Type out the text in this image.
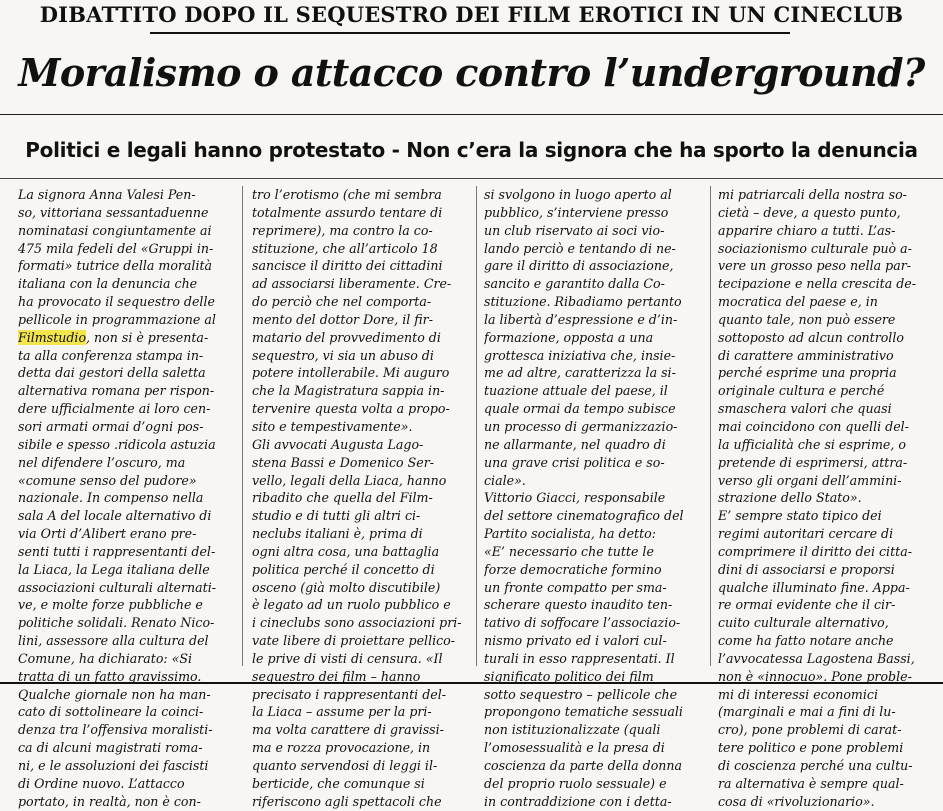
DIBATTITO DOPO IL SEQUESTRO DEI FILM EROTICI IN UN CINECLUB
Moralismo o attacco contro l’underground?
Politici e legali hanno protestato - Non c’era la signora che ha sporto la denuncia
La signora Anna Valesi Pen-
so, vittoriana sessantaduenne
nominatasi congiuntamente ai
475 mila fedeli del «Gruppi in-
formati» tutrice della moralità
italiana con la denuncia che
ha provocato il sequestro delle
pellicole in programmazione al
Filmstudio, non si è presenta-
ta alla conferenza stampa in-
detta dai gestori della saletta
alternativa romana per rispon-
dere ufficialmente ai loro cen-
sori armati ormai d’ogni pos-
sibile e spesso .ridicola astuzia
nel difendere l’oscuro, ma
«comune senso del pudore»
nazionale. In compenso nella
sala A del locale alternativo di
via Orti d’Alibert erano pre-
senti tutti i rappresentanti del-
la Liaca, la Lega italiana delle
associazioni culturali alternati-
ve, e molte forze pubbliche e
politiche solidali. Renato Nico-
lini, assessore alla cultura del
Comune, ha dichiarato: «Si
tratta di un fatto gravissimo.
Qualche giornale non ha man-
cato di sottolineare la coinci-
denza tra l’offensiva moralisti-
ca di alcuni magistrati roma-
ni, e le assoluzioni dei fascisti
di Ordine nuovo. L’attacco
portato, in realtà, non è con-
tro l’erotismo (che mi sembra
totalmente assurdo tentare di
reprimere), ma contro la co-
stituzione, che all’articolo 18
sancisce il diritto dei cittadini
ad associarsi liberamente. Cre-
do perciò che nel comporta-
mento del dottor Dore, il fir-
matario del provvedimento di
sequestro, vi sia un abuso di
potere intollerabile. Mi auguro
che la Magistratura sappia in-
tervenire questa volta a propo-
sito e tempestivamente».
Gli avvocati Augusta Lago-
stena Bassi e Domenico Ser-
vello, legali della Liaca, hanno
ribadito che quella del Film-
studio e di tutti gli altri ci-
neclubs italiani è, prima di
ogni altra cosa, una battaglia
politica perché il concetto di
osceno (già molto discutibile)
è legato ad un ruolo pubblico e
i cineclubs sono associazioni pri-
vate libere di proiettare pellico-
le prive di visti di censura. «Il
sequestro dei film – hanno
precisato i rappresentanti del-
la Liaca – assume per la pri-
ma volta carattere di gravissi-
ma e rozza provocazione, in
quanto servendosi di leggi il-
berticide, che comunque si
riferiscono agli spettacoli che
si svolgono in luogo aperto al
pubblico, s’interviene presso
un club riservato ai soci vio-
lando perciò e tentando di ne-
gare il diritto di associazione,
sancito e garantito dalla Co-
stituzione. Ribadiamo pertanto
la libertà d’espressione e d’in-
formazione, opposta a una
grottesca iniziativa che, insie-
me ad altre, caratterizza la si-
tuazione attuale del paese, il
quale ormai da tempo subisce
un processo di germanizzazio-
ne allarmante, nel quadro di
una grave crisi politica e so-
ciale».
Vittorio Giacci, responsabile
del settore cinematografico del
Partito socialista, ha detto:
«E’ necessario che tutte le
forze democratiche formino
un fronte compatto per sma-
scherare questo inaudito ten-
tativo di soffocare l’associazio-
nismo privato ed i valori cul-
turali in esso rappresentati. Il
significato politico dei film
sotto sequestro – pellicole che
propongono tematiche sessuali
non istituzionalizzate (quali
l’omosessualità e la presa di
coscienza da parte della donna
del proprio ruolo sessuale) e
in contraddizione con i detta-
mi patriarcali della nostra so-
cietà – deve, a questo punto,
apparire chiaro a tutti. L’as-
sociazionismo culturale può a-
vere un grosso peso nella par-
tecipazione e nella crescita de-
mocratica del paese e, in
quanto tale, non può essere
sottoposto ad alcun controllo
di carattere amministrativo
perché esprime una propria
originale cultura e perché
smaschera valori che quasi
mai coincidono con quelli del-
la ufficialità che si esprime, o
pretende di esprimersi, attra-
verso gli organi dell’ammini-
strazione dello Stato».
E’ sempre stato tipico dei
regimi autoritari cercare di
comprimere il diritto dei citta-
dini di associarsi e proporsi
qualche illuminato fine. Appa-
re ormai evidente che il cir-
cuito culturale alternativo,
come ha fatto notare anche
l’avvocatessa Lagostena Bassi,
non è «innocuo». Pone proble-
mi di interessi economici
(marginali e mai a fini di lu-
cro), pone problemi di carat-
tere politico e pone problemi
di coscienza perché una cultu-
ra alternativa è sempre qual-
cosa di «rivoluzionario».
